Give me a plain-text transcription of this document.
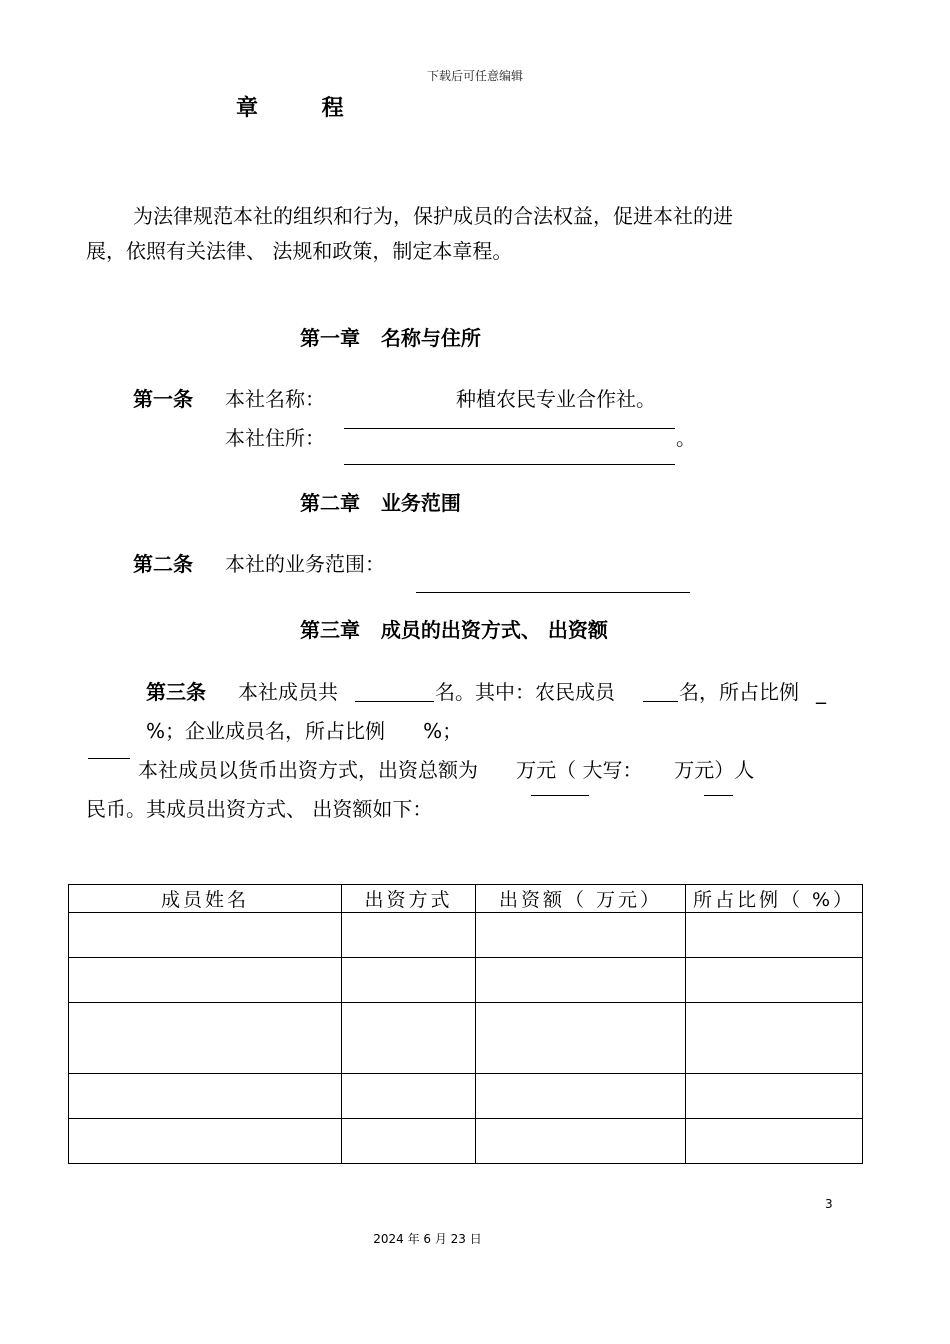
下载后可任意编辑
章 程
为法律规范本社的组织和行为，保护成员的合法权益，促进本社的进
展，依照有关法律、 法规和政策，制定本章程。
第一章   名称与住所
第一条 本社名称：	种植农民专业合作社。
本社住所：	。
第二章   业务范围
第二条 本社的业务范围：
第三章   成员的出资方式、 出资额
第三条 本社成员共	名。其中：农民成员	名，所占比例 _
%；企业成员名，所占比例      %；
本社成员以货币出资方式，出资总额为      万元（ 大写：     万元）人
民币。其成员出资方式、 出资额如下：
成员姓名	出资方式	出资额（ 万元）	所占比例（ %）

3
2024 年 6 月 23 日
